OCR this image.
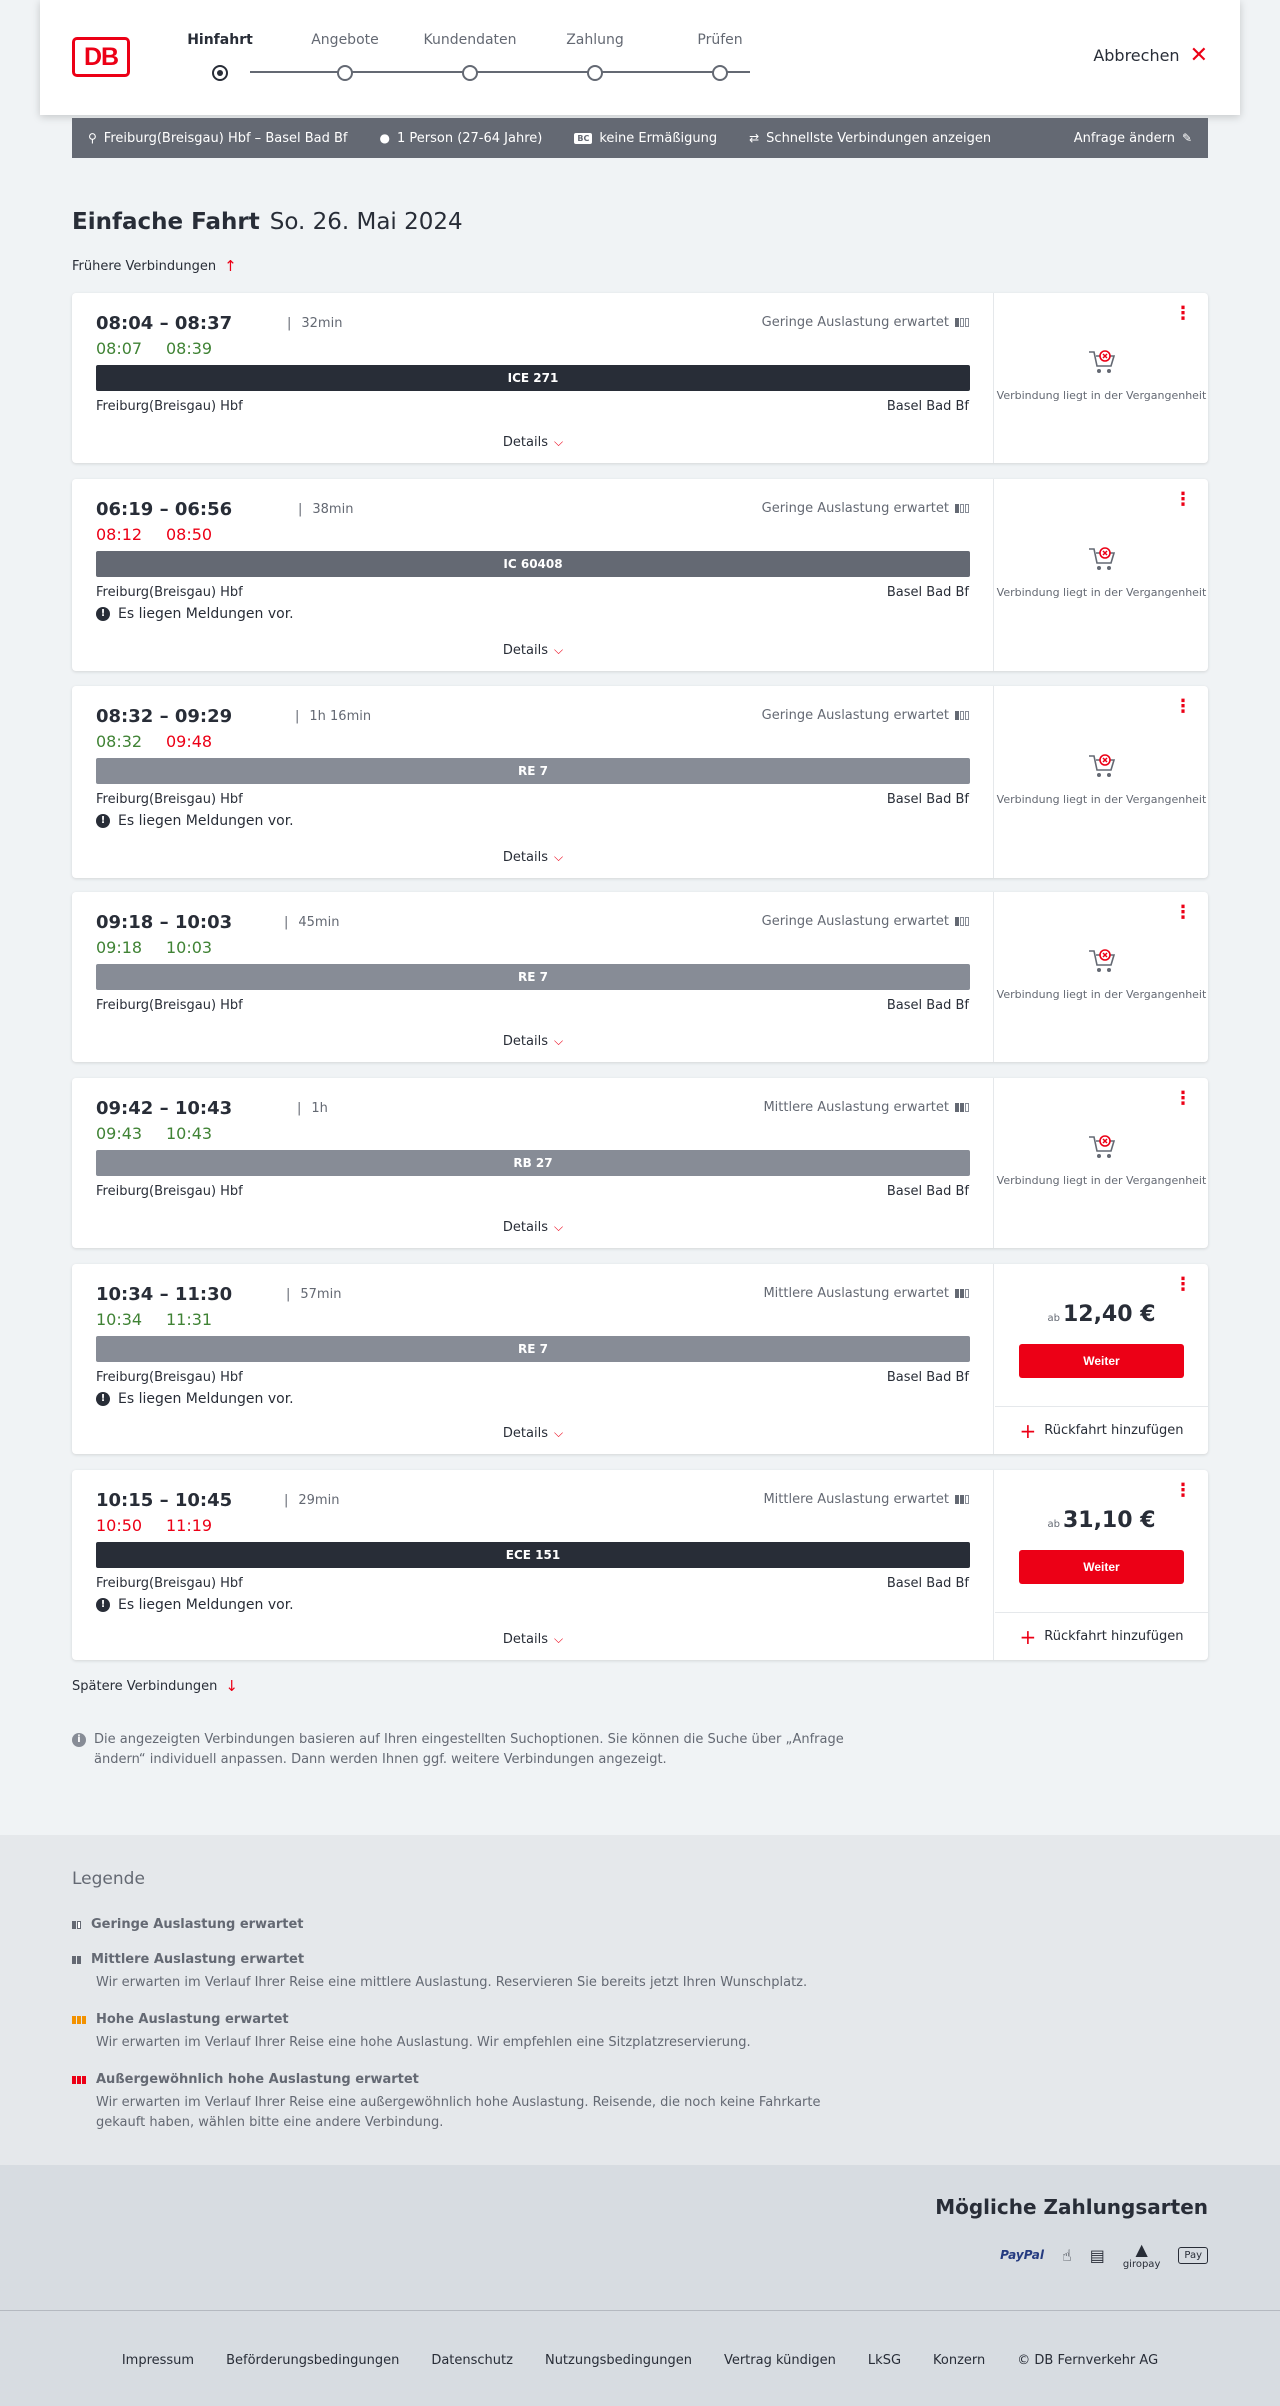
DB
Hinfahrt	Angebote	Kundendaten	Zahlung	Prüfen
Abbrechen ✕
⚲ Freiburg(Breisgau) Hbf – Basel Bad Bf	● 1 Person (27-64 Jahre)	BC keine Ermäßigung	⇄ Schnellste Verbindungen anzeigen	Anfrage ändern ✎
Einfache Fahrt So. 26. Mai 2024
Frühere Verbindungen ↑
08:04 – 08:37	| 32min
08:07 08:39
Geringe Auslastung erwartet
ICE 271
Freiburg(Breisgau) Hbf	Basel Bad Bf
Details ⌵
⋮
Verbindung liegt in der Vergangenheit
06:19 – 06:56	| 38min
08:12 08:50
Geringe Auslastung erwartet
IC 60408
Freiburg(Breisgau) Hbf	Basel Bad Bf
! Es liegen Meldungen vor.
Details ⌵
⋮
Verbindung liegt in der Vergangenheit
08:32 – 09:29	| 1h 16min
08:32 09:48
Geringe Auslastung erwartet
RE 7
Freiburg(Breisgau) Hbf	Basel Bad Bf
! Es liegen Meldungen vor.
Details ⌵
⋮
Verbindung liegt in der Vergangenheit
09:18 – 10:03	| 45min
09:18 10:03
Geringe Auslastung erwartet
RE 7
Freiburg(Breisgau) Hbf	Basel Bad Bf
Details ⌵
⋮
Verbindung liegt in der Vergangenheit
09:42 – 10:43	| 1h
09:43 10:43
Mittlere Auslastung erwartet
RB 27
Freiburg(Breisgau) Hbf	Basel Bad Bf
Details ⌵
⋮
Verbindung liegt in der Vergangenheit
10:34 – 11:30	| 57min
10:34 11:31
Mittlere Auslastung erwartet
RE 7
Freiburg(Breisgau) Hbf	Basel Bad Bf
! Es liegen Meldungen vor.
Details ⌵
⋮
ab 12,40 €
Weiter
+ Rückfahrt hinzufügen
10:15 – 10:45	| 29min
10:50 11:19
Mittlere Auslastung erwartet
ECE 151
Freiburg(Breisgau) Hbf	Basel Bad Bf
! Es liegen Meldungen vor.
Details ⌵
⋮
ab 31,10 €
Weiter
+ Rückfahrt hinzufügen
Spätere Verbindungen ↓
i	Die angezeigten Verbindungen basieren auf Ihren eingestellten Suchoptionen. Sie können die Suche über „Anfrage ändern“ individuell anpassen. Dann werden Ihnen ggf. weitere Verbindungen angezeigt.
Legende
Geringe Auslastung erwartet
Mittlere Auslastung erwartet
Wir erwarten im Verlauf Ihrer Reise eine mittlere Auslastung. Reservieren Sie bereits jetzt Ihren Wunschplatz.
Hohe Auslastung erwartet
Wir erwarten im Verlauf Ihrer Reise eine hohe Auslastung. Wir empfehlen eine Sitzplatzreservierung.
Außergewöhnlich hohe Auslastung erwartet
Wir erwarten im Verlauf Ihrer Reise eine außergewöhnlich hohe Auslastung. Reisende, die noch keine Fahrkarte gekauft haben, wählen bitte eine andere Verbindung.
Mögliche Zahlungsarten
PayPal ☝ ▤	▲
giropay
Pay
Impressum Beförderungsbedingungen Datenschutz Nutzungsbedingungen Vertrag kündigen LkSG Konzern © DB Fernverkehr AG
